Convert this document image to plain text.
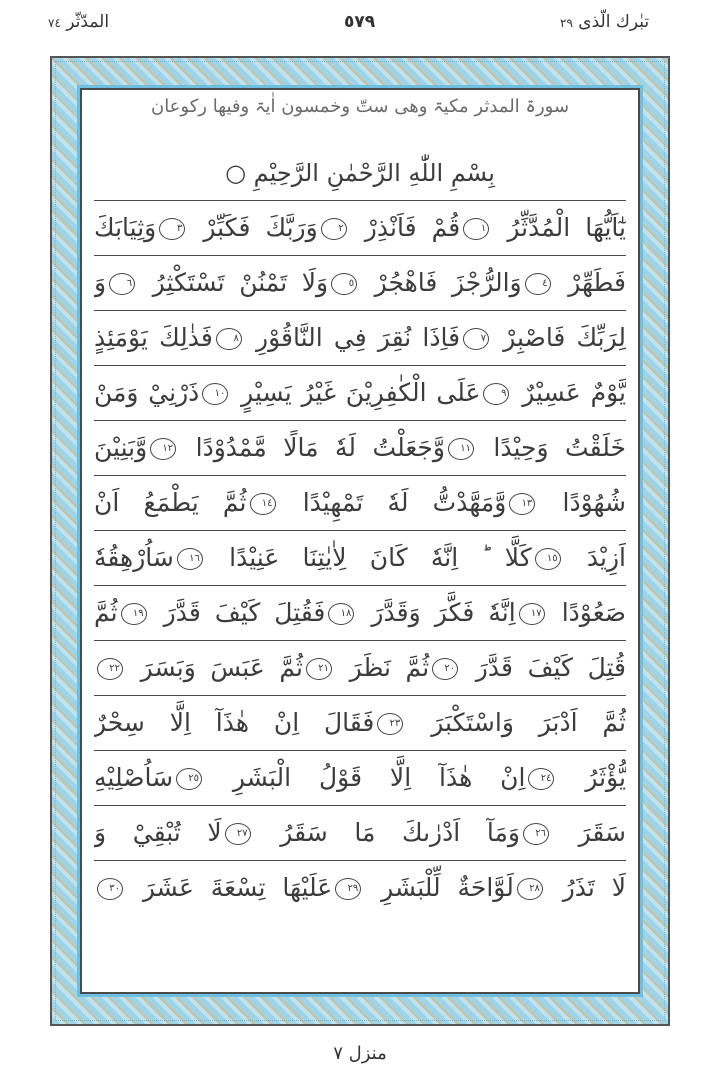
تبٰرك الّذی ٢٩
٥٧٩
المدّثّر ٧٤
سورۃ المدثر مکیۃ وهی ستّ وخمسون اٰیۃ وفیها رکوعان
بِسْمِ اللّٰهِ الرَّحْمٰنِ الرَّحِيْمِ ○
يٰٓاَيُّهَا الْمُدَّثِّرُ ١قُمْ فَاَنْذِرْ ٢وَرَبَّكَ فَكَبِّرْ ٣وَثِيَابَكَ
فَطَهِّرْ ٤وَالرُّجْزَ فَاهْجُرْ ٥وَلَا تَمْنُنْ تَسْتَكْثِرُ ٦وَ
لِرَبِّكَ فَاصْبِرْ ٧فَاِذَا نُقِرَ فِي النَّاقُوْرِ ٨فَذٰلِكَ يَوْمَئِذٍ
يَّوْمٌ عَسِيْرٌ ٩عَلَى الْكٰفِرِيْنَ غَيْرُ يَسِيْرٍ ١٠ذَرْنِيْ وَمَنْ
خَلَقْتُ وَحِيْدًا ١١وَّجَعَلْتُ لَهٗ مَالًا مَّمْدُوْدًا ١٢وَّبَنِيْنَ
شُهُوْدًا ١٣وَّمَهَّدْتُّ لَهٗ تَمْهِيْدًا ١٤ثُمَّ يَطْمَعُ اَنْ
اَزِيْدَ ١٥كَلَّا ؕ اِنَّهٗ كَانَ لِاٰيٰتِنَا عَنِيْدًا ١٦سَاُرْهِقُهٗ
صَعُوْدًا ١٧اِنَّهٗ فَكَّرَ وَقَدَّرَ ١٨فَقُتِلَ كَيْفَ قَدَّرَ ١٩ثُمَّ
قُتِلَ كَيْفَ قَدَّرَ ٢٠ثُمَّ نَظَرَ ٢١ثُمَّ عَبَسَ وَبَسَرَ ٢٢
ثُمَّ اَدْبَرَ وَاسْتَكْبَرَ ٢٣فَقَالَ اِنْ هٰذَآ اِلَّا سِحْرٌ
يُّؤْثَرُ ٢٤اِنْ هٰذَآ اِلَّا قَوْلُ الْبَشَرِ ٢٥سَاُصْلِيْهِ
سَقَرَ ٢٦وَمَآ اَدْرٰىكَ مَا سَقَرُ ٢٧لَا تُبْقِيْ وَ
لَا تَذَرُ ٢٨لَوَّاحَةٌ لِّلْبَشَرِ ٢٩عَلَيْهَا تِسْعَةَ عَشَرَ ٣٠
منزل ٧
